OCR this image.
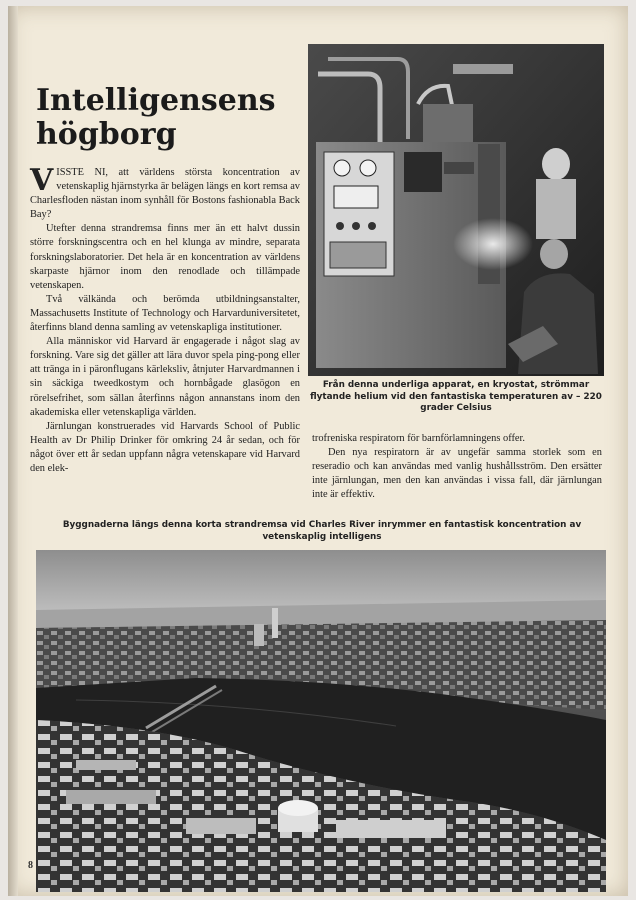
Intelligensens
högborg

VISSTE NI, att världens största koncentration av vetenskaplig hjärnstyrka är belägen längs en kort remsa av Charlesfloden nästan inom synhåll för Bostons fashionabla Back Bay?

Utefter denna strandremsa finns mer än ett halvt dussin större forskningscentra och en hel klunga av mindre, separata forskningslaboratorier. Det hela är en koncentration av världens skarpaste hjärnor inom den renodlade och tillämpade vetenskapen.

Två välkända och berömda utbildningsanstalter, Massachusetts Institute of Technology och Harvarduniversitetet, återfinns bland denna samling av vetenskapliga institutioner.

Alla människor vid Harvard är engagerade i något slag av forskning. Vare sig det gäller att lära duvor spela ping-pong eller att tränga in i päronflugans kärleksliv, åtnjuter Harvardmannen i sin säckiga tweedkostym och hornbågade glasögon en rörelsefrihet, som sällan återfinns någon annanstans inom den akademiska eller vetenskapliga världen.

Järnlungan konstruerades vid Harvards School of Public Health av Dr Philip Drinker för omkring 24 år sedan, och för något över ett år sedan uppfann några vetenskapare vid Harvard den elek-

Från denna underliga apparat, en kryostat, strömmar flytande helium vid den fantastiska temperaturen av – 220 grader Celsius

trofreniska respiratorn för barnförlamningens offer.

Den nya respiratorn är av ungefär samma storlek som en reseradio och kan användas med vanlig hushållsström. Den ersätter inte järnlungan, men den kan användas i vissa fall, där järnlungan inte är effektiv.

Byggnaderna längs denna korta strandremsa vid Charles River inrymmer en fantastisk koncentration av vetenskaplig intelligens
8
